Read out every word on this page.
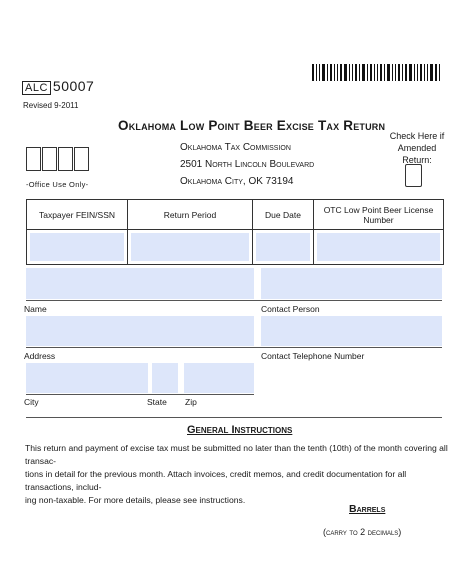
ALC 50007
Revised 9-2011
Oklahoma Low Point Beer Excise Tax Return
Oklahoma Tax Commission
2501 North Lincoln Boulevard
Oklahoma City, OK 73194
Check Here if
Amended Return:
-Office Use Only-
Taxpayer FEIN/SSN	Return Period	Due Date	OTC Low Point Beer License Number

Name	Contact Person
Address	Contact Telephone Number
City	State Zip
General Instructions
This return and payment of excise tax must be submitted no later than the tenth (10th) of the month covering all transac-
tions in detail for the previous month. Attach invoices, credit memos, and credit documentation for all transactions, includ-
ing non-taxable. For more details, please see instructions.
Barrels
(carry to 2 decimals)
